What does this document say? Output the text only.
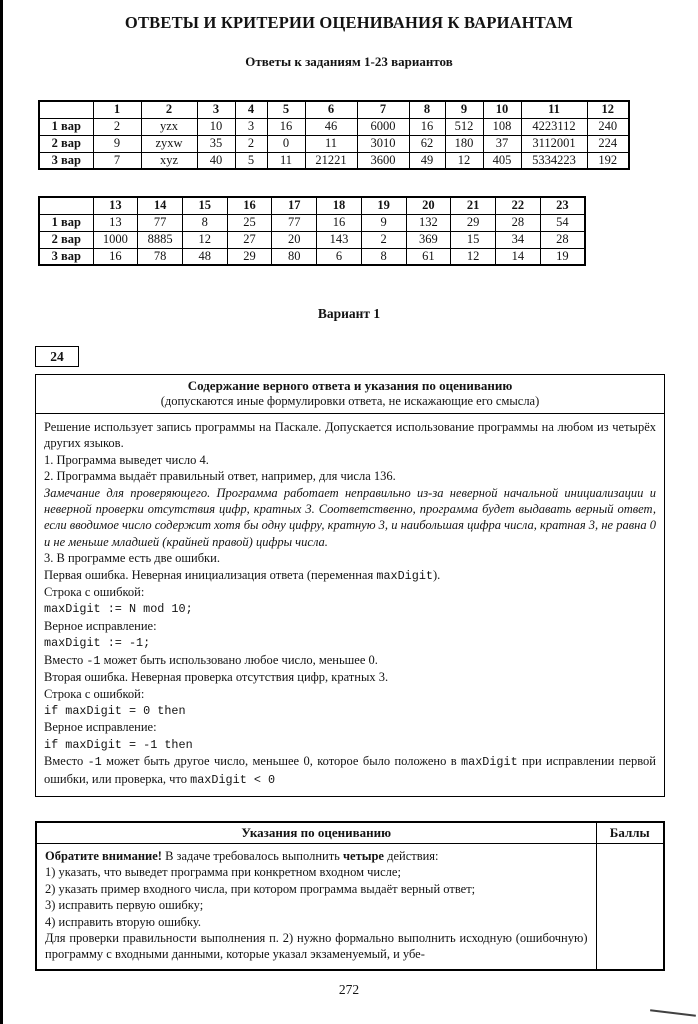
ОТВЕТЫ И КРИТЕРИИ ОЦЕНИВАНИЯ К ВАРИАНТАМ
Ответы к заданиям 1-23 вариантов
	1	2	3	4	5	6	7	8	9	10	11	12
1 вар	2	yzx	10	3	16	46	6000	16	512	108	4223112	240
2 вар	9	zyxw	35	2	0	11	3010	62	180	37	3112001	224
3 вар	7	xyz	40	5	11	21221	3600	49	12	405	5334223	192
	13	14	15	16	17	18	19	20	21	22	23
1 вар	13	77	8	25	77	16	9	132	29	28	54
2 вар	1000	8885	12	27	20	143	2	369	15	34	28
3 вар	16	78	48	29	80	6	8	61	12	14	19
Вариант 1
24
Содержание верного ответа и указания по оцениванию
(допускаются иные формулировки ответа, не искажающие его смысла)
Решение использует запись программы на Паскале. Допускается использование программы на любом из четырёх других языков.
1. Программа выведет число 4.
2. Программа выдаёт правильный ответ, например, для числа 136.
Замечание для проверяющего. Программа работает неправильно из-за неверной начальной инициализации и неверной проверки отсутствия цифр, кратных 3. Соответственно, программа будет выдавать верный ответ, если вводимое число содержит хотя бы одну цифру, кратную 3, и наибольшая цифра числа, кратная 3, не равна 0 и не меньше младшей (крайней правой) цифры числа.
3. В программе есть две ошибки.
Первая ошибка. Неверная инициализация ответа (переменная maxDigit).
Строка с ошибкой:
maxDigit := N mod 10;
Верное исправление:
maxDigit := -1;
Вместо -1 может быть использовано любое число, меньшее 0.
Вторая ошибка. Неверная проверка отсутствия цифр, кратных 3.
Строка с ошибкой:
if maxDigit = 0 then
Верное исправление:
if maxDigit = -1 then
Вместо -1 может быть другое число, меньшее 0, которое было положено в maxDigit при исправлении первой ошибки, или проверка, что maxDigit < 0
Указания по оцениванию	Баллы

Обратите внимание! В задаче требовалось выполнить четыре действия:
1) указать, что выведет программа при конкретном входном числе;
2) указать пример входного числа, при котором программа выдаёт верный ответ;
3) исправить первую ошибку;
4) исправить вторую ошибку.
Для проверки правильности выполнения п. 2) нужно формально выполнить исходную (ошибочную) программу с входными данными, которые указал экзаменуемый, и убе-

272
